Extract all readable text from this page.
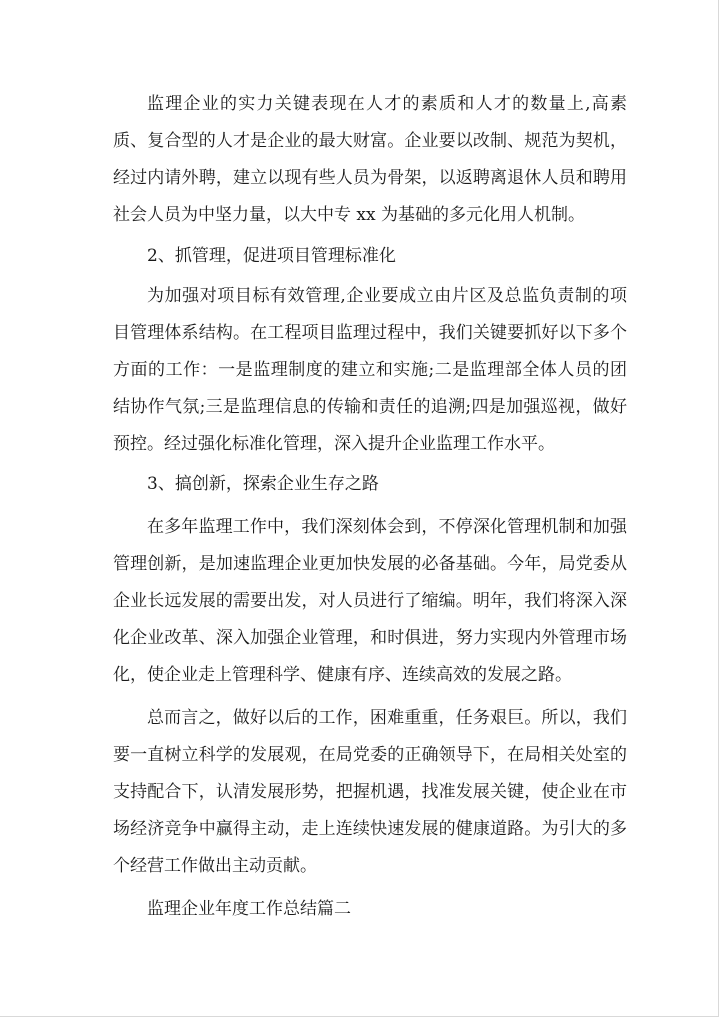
监理企业的实力关键表现在人才的素质和人才的数量上,高素质、复合型的人才是企业的最大财富。企业要以改制、规范为契机，经过内请外聘，建立以现有些人员为骨架，以返聘离退休人员和聘用社会人员为中坚力量，以大中专 xx 为基础的多元化用人机制。

2、抓管理，促进项目管理标准化

为加强对项目标有效管理,企业要成立由片区及总监负责制的项目管理体系结构。在工程项目监理过程中，我们关键要抓好以下多个方面的工作：一是监理制度的建立和实施;二是监理部全体人员的团结协作气氛;三是监理信息的传输和责任的追溯;四是加强巡视，做好预控。经过强化标准化管理，深入提升企业监理工作水平。

3、搞创新，探索企业生存之路

在多年监理工作中，我们深刻体会到，不停深化管理机制和加强管理创新，是加速监理企业更加快发展的必备基础。今年，局党委从企业长远发展的需要出发，对人员进行了缩编。明年，我们将深入深化企业改革、深入加强企业管理，和时俱进，努力实现内外管理市场化，使企业走上管理科学、健康有序、连续高效的发展之路。

总而言之，做好以后的工作，困难重重，任务艰巨。所以，我们要一直树立科学的发展观，在局党委的正确领导下，在局相关处室的支持配合下，认清发展形势，把握机遇，找准发展关键，使企业在市场经济竞争中赢得主动，走上连续快速发展的健康道路。为引大的多个经营工作做出主动贡献。

监理企业年度工作总结篇二
